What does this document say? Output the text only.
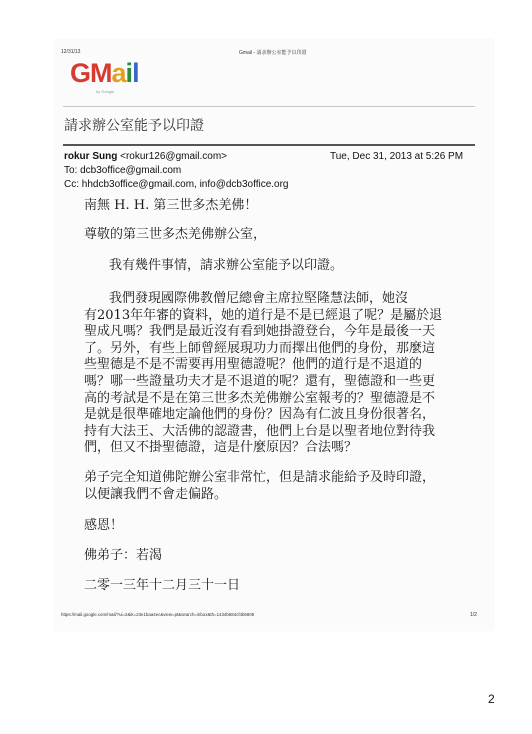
12/31/13	Gmail - 請求辦公室能予以印證
GMail
by Google
請求辦公室能予以印證
rokur Sung <rokur126@gmail.com>	Tue, Dec 31, 2013 at 5:26 PM
To: dcb3office@gmail.com
Cc: hhdcb3office@gmail.com, info@dcb3office.org
南無 H. H. 第三世多杰羌佛！
尊敬的第三世多杰羌佛辦公室，
我有幾件事情，請求辦公室能予以印證。
我們發現國際佛教僧尼總會主席拉堅隆慧法師，她沒
有2013年年審的資料，她的道行是不是已經退了呢？是屬於退
聖成凡嗎？我們是最近沒有看到她掛證登台，今年是最後一天
了。另外，有些上師曾經展現功力而擇出他們的身份，那麼這
些聖德是不是不需要再用聖德證呢？他們的道行是不退道的
嗎？哪一些證量功夫才是不退道的呢？還有，聖德證和一些更
高的考試是不是在第三世多杰羌佛辦公室報考的？聖德證是不
是就是很準確地定論他們的身份？因為有仁波且身份很著名，
持有大法王、大活佛的認證書，他們上台是以聖者地位對待我
們，但又不掛聖德證，這是什麼原因？合法嗎？
弟子完全知道佛陀辦公室非常忙，但是請求能給予及時印證，
以便讓我們不會走偏路。
感恩！
佛弟子：若渴
二零一三年十二月三十一日
https://mail.google.com/mail/?ui=2&ik=23e1baa4ec&view=pt&search=inbox&th=1434b684cf4b6805	1/2
2
